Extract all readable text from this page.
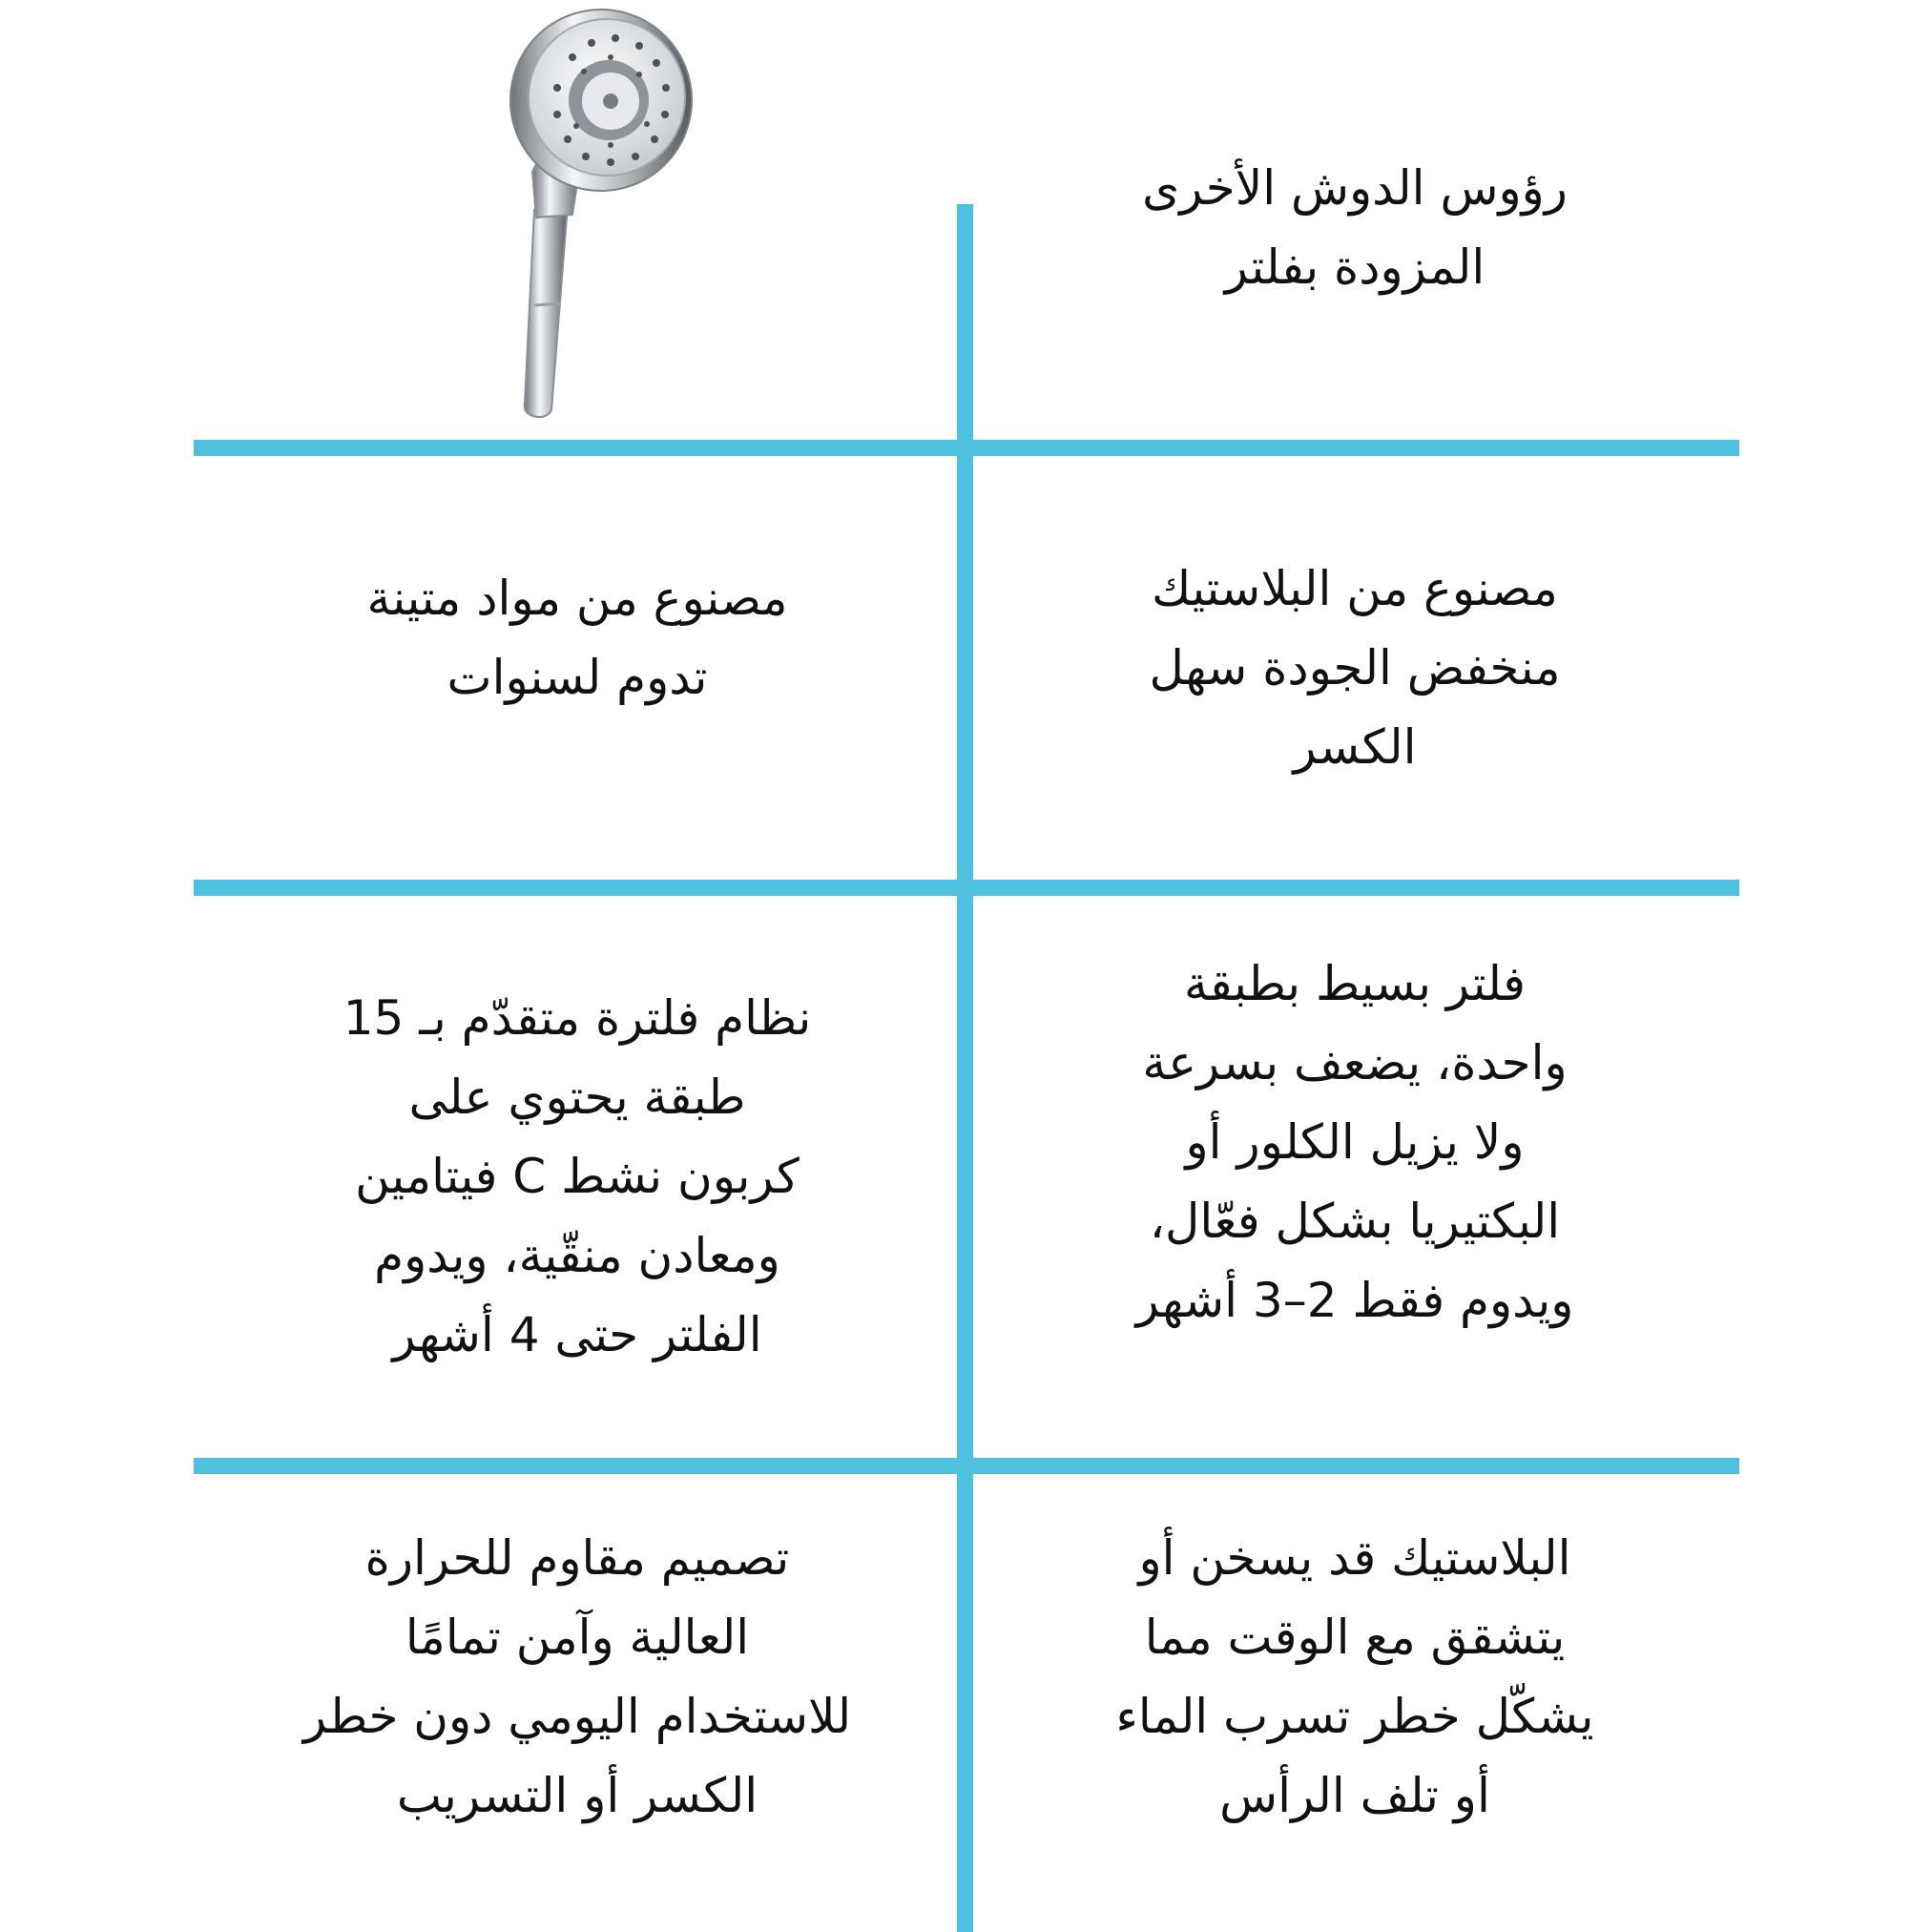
رؤوس الدوش الأخرى
المزودة بفلتر
مصنوع من البلاستيك
منخفض الجودة سهل
الكسر
مصنوع من مواد متينة
تدوم لسنوات
فلتر بسيط بطبقة
واحدة، يضعف بسرعة
ولا يزيل الكلور أو
البكتيريا بشكل فعّال،
ويدوم فقط 2–3 أشهر
نظام فلترة متقدّم بـ 15
طبقة يحتوي على
كربون نشط C فيتامين
ومعادن منقّية، ويدوم
الفلتر حتى 4 أشهر
البلاستيك قد يسخن أو
يتشقق مع الوقت مما
يشكّل خطر تسرب الماء
أو تلف الرأس
تصميم مقاوم للحرارة
العالية وآمن تمامًا
للاستخدام اليومي دون خطر
الكسر أو التسريب
